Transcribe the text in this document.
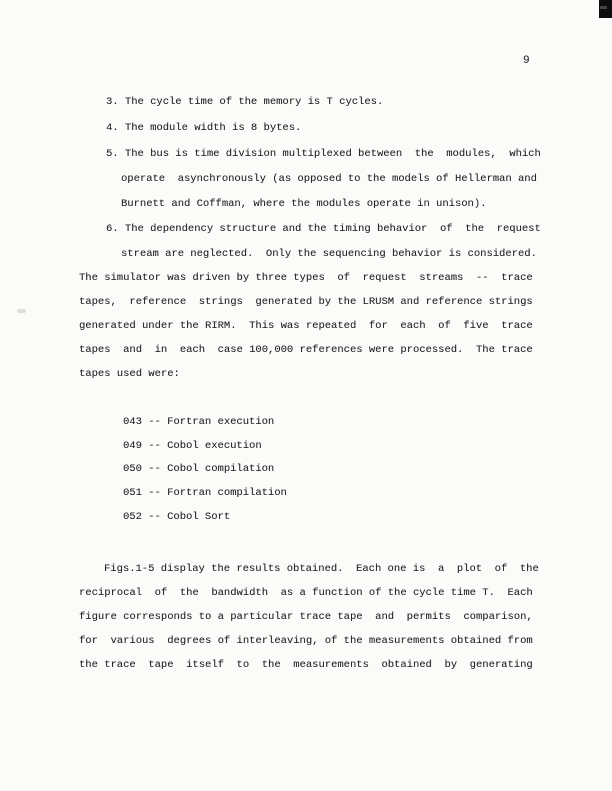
9
3. The cycle time of the memory is T cycles.
4. The module width is 8 bytes.
5. The bus is time division multiplexed between  the  modules,  which
operate  asynchronously (as opposed to the models of Hellerman and
Burnett and Coffman, where the modules operate in unison).
6. The dependency structure and the timing behavior  of  the  request
stream are neglected.  Only the sequencing behavior is considered.
The simulator was driven by three types  of  request  streams  --  trace
tapes,  reference  strings  generated by the LRUSM and reference strings
generated under the RIRM.  This was repeated  for  each  of  five  trace
tapes  and  in  each  case 100,000 references were processed.  The trace
tapes used were:
043 -- Fortran execution
049 -- Cobol execution
050 -- Cobol compilation
051 -- Fortran compilation
052 -- Cobol Sort
Figs.1-5 display the results obtained.  Each one is  a  plot  of  the
reciprocal  of  the  bandwidth  as a function of the cycle time T.  Each
figure corresponds to a particular trace tape  and  permits  comparison,
for  various  degrees of interleaving, of the measurements obtained from
the trace  tape  itself  to  the  measurements  obtained  by  generating
